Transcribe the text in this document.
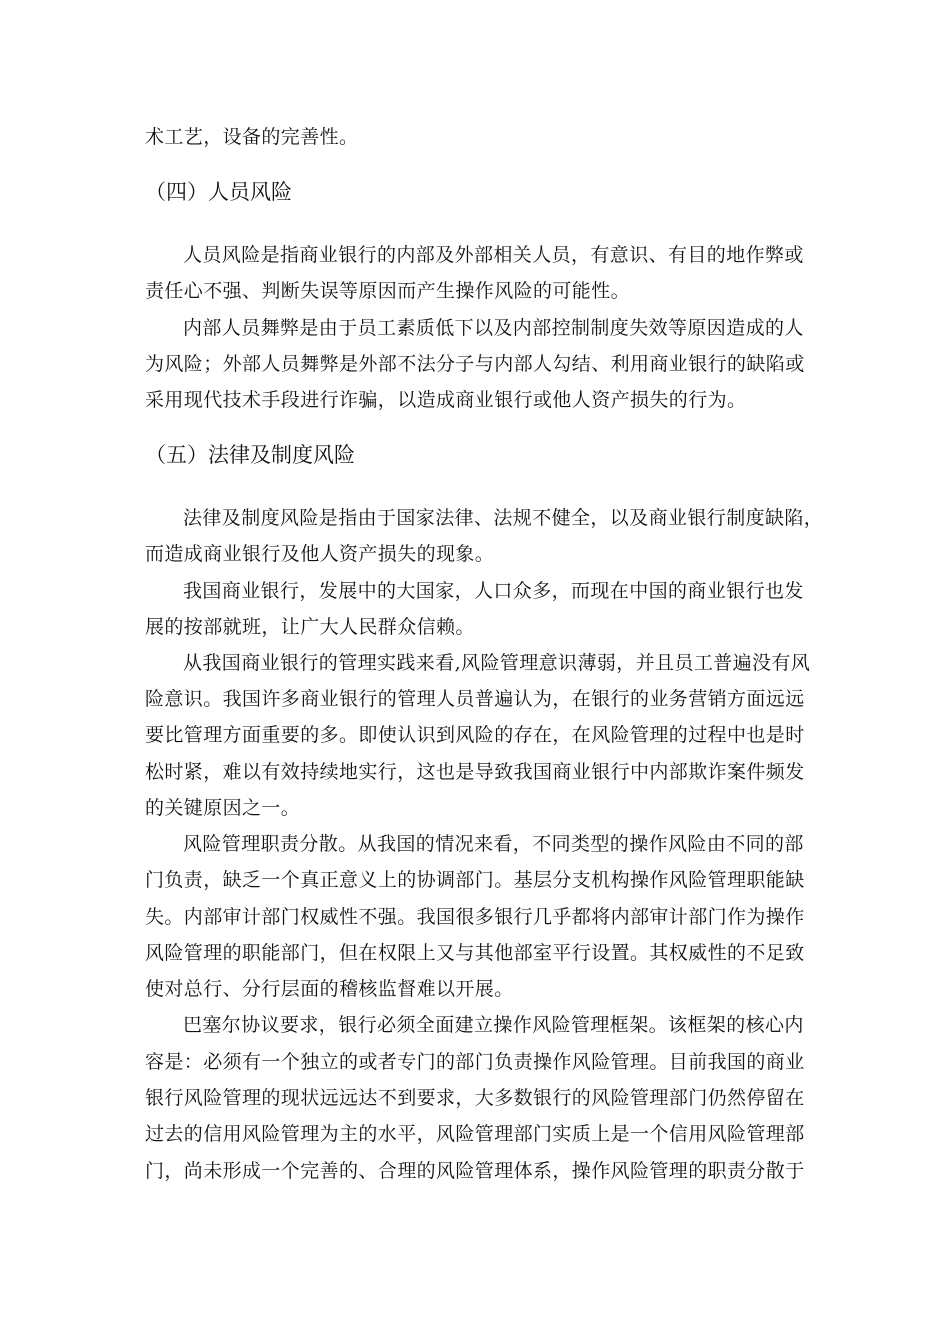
术工艺，设备的完善性。
（四）人员风险
人员风险是指商业银行的内部及外部相关人员，有意识、有目的地作弊或
责任心不强、判断失误等原因而产生操作风险的可能性。
内部人员舞弊是由于员工素质低下以及内部控制制度失效等原因造成的人
为风险；外部人员舞弊是外部不法分子与内部人勾结、利用商业银行的缺陷或
采用现代技术手段进行诈骗，以造成商业银行或他人资产损失的行为。
（五）法律及制度风险
法律及制度风险是指由于国家法律、法规不健全，以及商业银行制度缺陷，
而造成商业银行及他人资产损失的现象。
我国商业银行，发展中的大国家，人口众多，而现在中国的商业银行也发
展的按部就班，让广大人民群众信赖。
从我国商业银行的管理实践来看,风险管理意识薄弱，并且员工普遍没有风
险意识。我国许多商业银行的管理人员普遍认为，在银行的业务营销方面远远
要比管理方面重要的多。即使认识到风险的存在，在风险管理的过程中也是时
松时紧，难以有效持续地实行，这也是导致我国商业银行中内部欺诈案件频发
的关键原因之一。
风险管理职责分散。从我国的情况来看，不同类型的操作风险由不同的部
门负责，缺乏一个真正意义上的协调部门。基层分支机构操作风险管理职能缺
失。内部审计部门权威性不强。我国很多银行几乎都将内部审计部门作为操作
风险管理的职能部门，但在权限上又与其他部室平行设置。其权威性的不足致
使对总行、分行层面的稽核监督难以开展。
巴塞尔协议要求，银行必须全面建立操作风险管理框架。该框架的核心内
容是：必须有一个独立的或者专门的部门负责操作风险管理。目前我国的商业
银行风险管理的现状远远达不到要求，大多数银行的风险管理部门仍然停留在
过去的信用风险管理为主的水平，风险管理部门实质上是一个信用风险管理部
门，尚未形成一个完善的、合理的风险管理体系，操作风险管理的职责分散于
